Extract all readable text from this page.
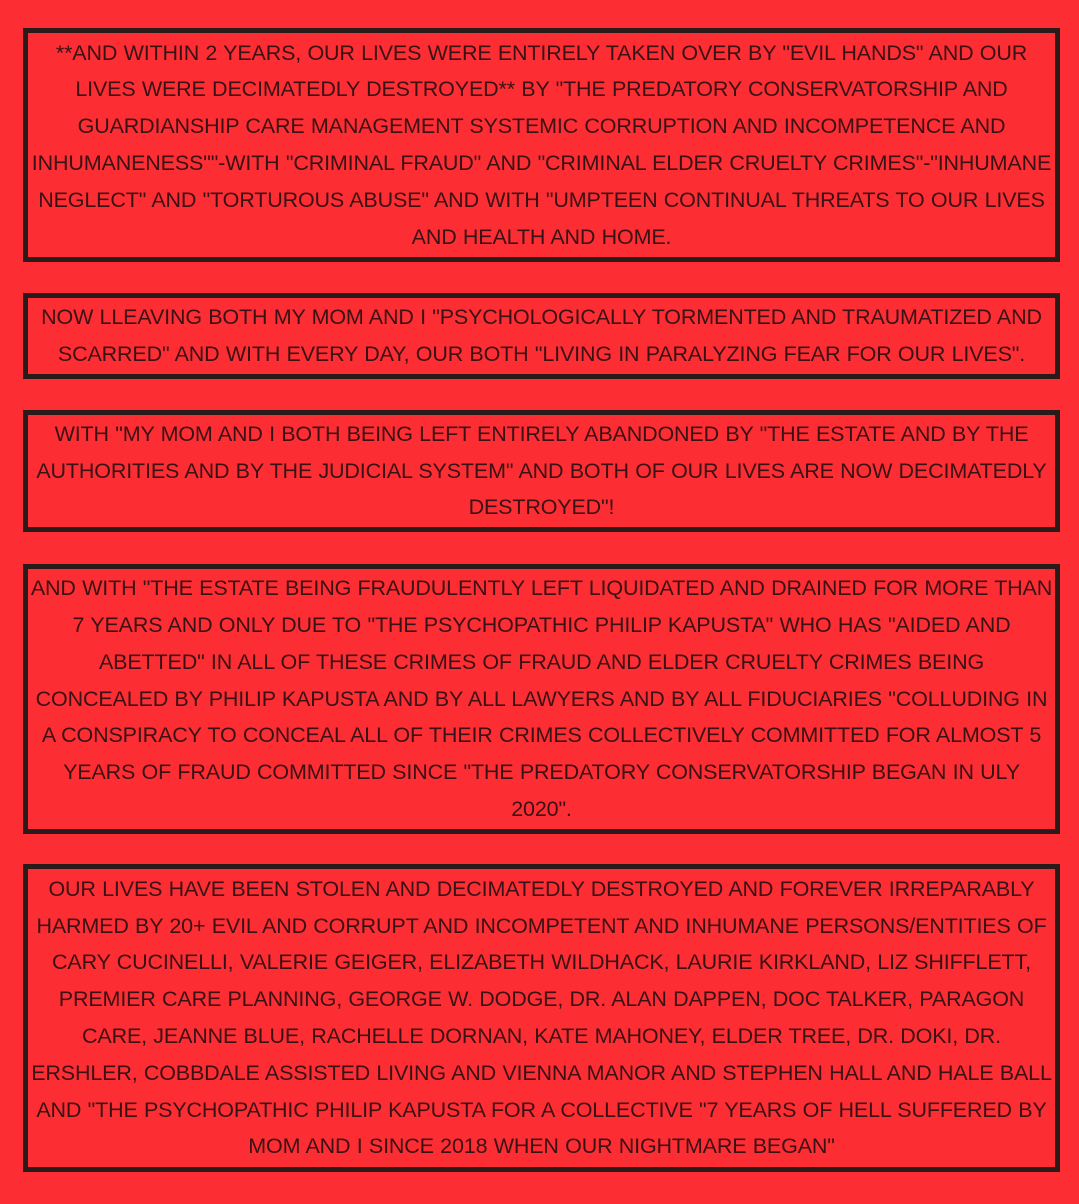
**AND WITHIN 2 YEARS, OUR LIVES WERE ENTIRELY TAKEN OVER BY "EVIL HANDS" AND OUR LIVES WERE DECIMATEDLY DESTROYED** BY "THE PREDATORY CONSERVATORSHIP AND GUARDIANSHIP CARE MANAGEMENT SYSTEMIC CORRUPTION AND INCOMPETENCE AND INHUMANENESS""-WITH "CRIMINAL FRAUD" AND "CRIMINAL ELDER CRUELTY CRIMES"-"INHUMANE NEGLECT" AND "TORTUROUS ABUSE" AND WITH "UMPTEEN CONTINUAL THREATS TO OUR LIVES AND HEALTH AND HOME.

NOW LLEAVING BOTH MY MOM AND I "PSYCHOLOGICALLY TORMENTED AND TRAUMATIZED AND SCARRED" AND WITH EVERY DAY, OUR BOTH "LIVING IN PARALYZING FEAR FOR OUR LIVES".

WITH "MY MOM AND I BOTH BEING LEFT ENTIRELY ABANDONED BY "THE ESTATE AND BY THE AUTHORITIES AND BY THE JUDICIAL SYSTEM" AND BOTH OF OUR LIVES ARE NOW DECIMATEDLY DESTROYED"!

AND WITH "THE ESTATE BEING FRAUDULENTLY LEFT LIQUIDATED AND DRAINED FOR MORE THAN 7 YEARS AND ONLY DUE TO "THE PSYCHOPATHIC PHILIP KAPUSTA" WHO HAS "AIDED AND ABETTED" IN ALL OF THESE CRIMES OF FRAUD AND ELDER CRUELTY CRIMES BEING CONCEALED BY PHILIP KAPUSTA AND BY ALL LAWYERS AND BY ALL FIDUCIARIES "COLLUDING IN A CONSPIRACY TO CONCEAL ALL OF THEIR CRIMES COLLECTIVELY COMMITTED FOR ALMOST 5 YEARS OF FRAUD COMMITTED SINCE "THE PREDATORY CONSERVATORSHIP BEGAN IN ULY 2020".

OUR LIVES HAVE BEEN STOLEN AND DECIMATEDLY DESTROYED AND FOREVER IRREPARABLY HARMED BY 20+ EVIL AND CORRUPT AND INCOMPETENT AND INHUMANE PERSONS/ENTITIES OF CARY CUCINELLI, VALERIE GEIGER, ELIZABETH WILDHACK, LAURIE KIRKLAND, LIZ SHIFFLETT, PREMIER CARE PLANNING, GEORGE W. DODGE, DR. ALAN DAPPEN, DOC TALKER, PARAGON CARE, JEANNE BLUE, RACHELLE DORNAN, KATE MAHONEY, ELDER TREE, DR. DOKI, DR. ERSHLER, COBBDALE ASSISTED LIVING AND VIENNA MANOR AND STEPHEN HALL AND HALE BALL AND "THE PSYCHOPATHIC PHILIP KAPUSTA FOR A COLLECTIVE "7 YEARS OF HELL SUFFERED BY MOM AND I SINCE 2018 WHEN OUR NIGHTMARE BEGAN"
